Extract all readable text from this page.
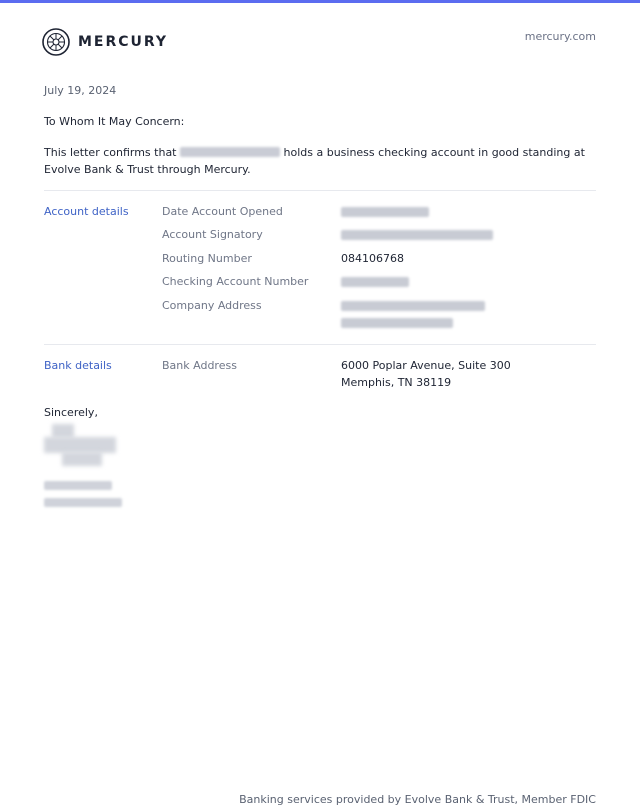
MERCURY	mercury.com
July 19, 2024
To Whom It May Concern:
This letter confirms that	holds a business checking account in good standing at Evolve Bank & Trust through Mercury.
Account details	Date Account Opened
Account Signatory
Routing Number	084106768
Checking Account Number
Company Address
Bank details	Bank Address	6000 Poplar Avenue, Suite 300
Memphis, TN 38119
Sincerely,
Banking services provided by Evolve Bank & Trust, Member FDIC
